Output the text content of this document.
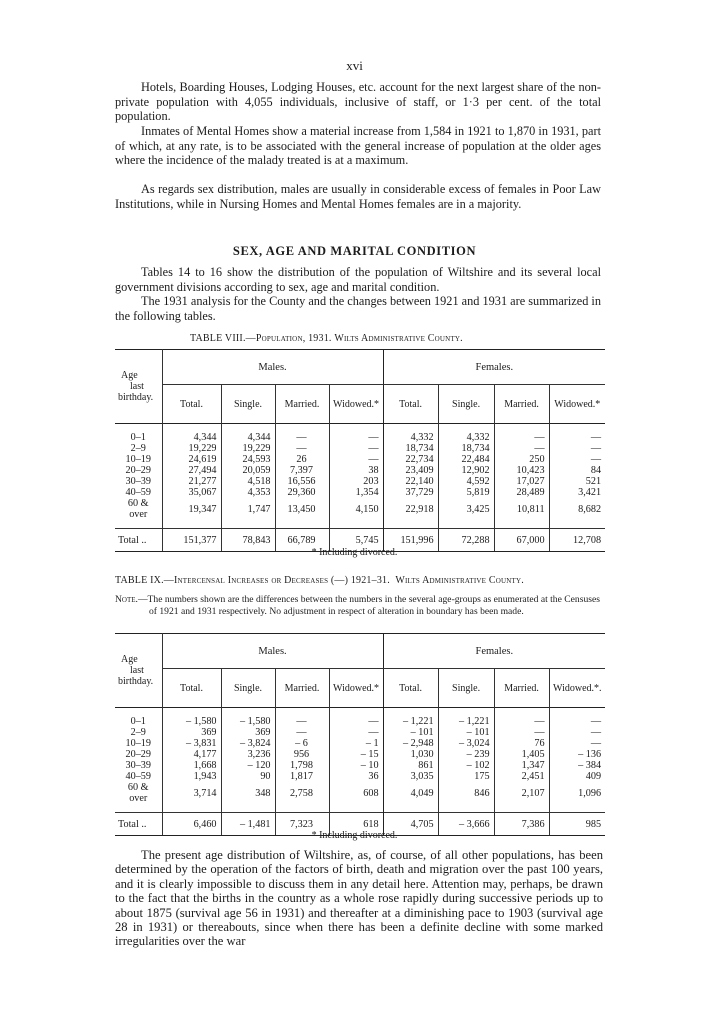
xvi

Hotels, Boarding Houses, Lodging Houses, etc. account for the next largest share of the non-private population with 4,055 individuals, inclusive of staff, or 1·3 per cent. of the total population.

Inmates of Mental Homes show a material increase from 1,584 in 1921 to 1,870 in 1931, part of which, at any rate, is to be associated with the general increase of population at the older ages where the incidence of the malady treated is at a maximum.

As regards sex distribution, males are usually in considerable excess of females in Poor Law Institutions, while in Nursing Homes and Mental Homes females are in a majority.

SEX, AGE AND MARITAL CONDITION

Tables 14 to 16 show the distribution of the population of Wiltshire and its several local government divisions according to sex, age and marital condition.

The 1931 analysis for the County and the changes between 1921 and 1931 are summarized in the following tables.

TABLE VIII.—Population, 1931. Wilts Administrative County.
Age
last
birthday.	Males.				Females.			
	Total.	Single.	Married.	Widowed.*	Total.	Single.	Married.	Widowed.*

0–1	4,344	4,344	—	—	4,332	4,332	—	—
2–9	19,229	19,229	—	—	18,734	18,734	—	—
10–19	24,619	24,593	26	—	22,734	22,484	250	—
20–29	27,494	20,059	7,397	38	23,409	12,902	10,423	84
30–39	21,277	4,518	16,556	203	22,140	4,592	17,027	521
40–59	35,067	4,353	29,360	1,354	37,729	5,819	28,489	3,421
60 & over	19,347	1,747	13,450	4,150	22,918	3,425	10,811	8,682

Total ..	151,377	78,843	66,789	5,745	151,996	72,288	67,000	12,708
* Including divorced.
TABLE IX.—Intercensal Increases or Decreases (—) 1921–31. Wilts Administrative County.
Note.—The numbers shown are the differences between the numbers in the several age-groups as enumerated at the Censuses of 1921 and 1931 respectively. No adjustment in respect of alteration in boundary has been made.
Age
last
birthday.	Males.				Females.			
	Total.	Single.	Married.	Widowed.*	Total.	Single.	Married.	Widowed.*.

0–1	– 1,580	– 1,580	—	—	– 1,221	– 1,221	—	—
2–9	369	369	—	—	– 101	– 101	—	—
10–19	– 3,831	– 3,824	– 6	– 1	– 2,948	– 3,024	76	—
20–29	4,177	3,236	956	– 15	1,030	– 239	1,405	– 136
30–39	1,668	– 120	1,798	– 10	861	– 102	1,347	– 384
40–59	1,943	90	1,817	36	3,035	175	2,451	409
60 & over	3,714	348	2,758	608	4,049	846	2,107	1,096

Total ..	6,460	– 1,481	7,323	618	4,705	– 3,666	7,386	985
* Including divorced.

The present age distribution of Wiltshire, as, of course, of all other populations, has been determined by the operation of the factors of birth, death and migration over the past 100 years, and it is clearly impossible to discuss them in any detail here. Attention may, perhaps, be drawn to the fact that the births in the country as a whole rose rapidly during successive periods up to about 1875 (survival age 56 in 1931) and thereafter at a diminishing pace to 1903 (survival age 28 in 1931) or thereabouts, since when there has been a definite decline with some marked irregularities over the war
